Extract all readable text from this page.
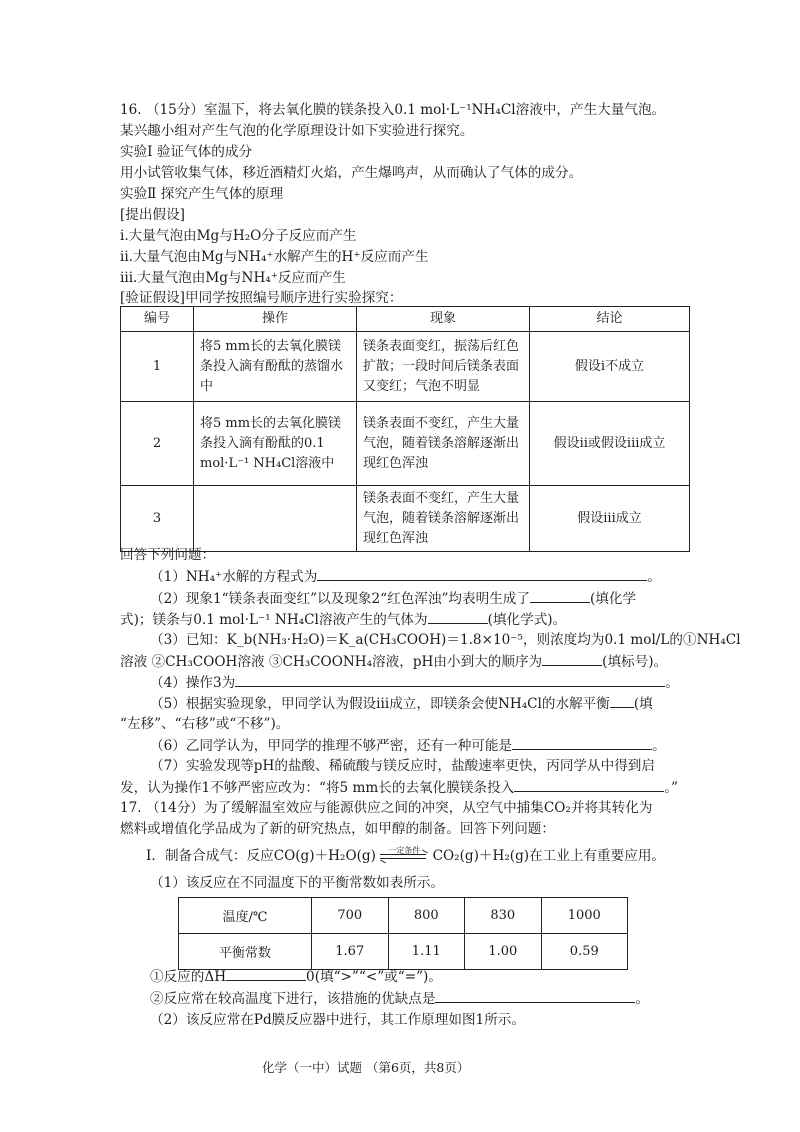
16. （15分）室温下，将去氧化膜的镁条投入0.1 mol·L⁻¹NH₄Cl溶液中，产生大量气泡。
某兴趣小组对产生气泡的化学原理设计如下实验进行探究。
实验Ⅰ 验证气体的成分
用小试管收集气体，移近酒精灯火焰，产生爆鸣声，从而确认了气体的成分。
实验Ⅱ 探究产生气体的原理
[提出假设]
i.大量气泡由Mg与H₂O分子反应而产生
ii.大量气泡由Mg与NH₄⁺水解产生的H⁺反应而产生
iii.大量气泡由Mg与NH₄⁺反应而产生
[验证假设]甲同学按照编号顺序进行实验探究：
编号	操作	现象	结论
1	将5 mm长的去氧化膜镁条投入滴有酚酞的蒸馏水中	镁条表面变红，振荡后红色扩散；一段时间后镁条表面又变红；气泡不明显	假设i不成立
2	将5 mm长的去氧化膜镁条投入滴有酚酞的0.1 mol·L⁻¹ NH₄Cl溶液中	镁条表面不变红，产生大量气泡，随着镁条溶解逐渐出现红色浑浊	假设ii或假设iii成立
3		镁条表面不变红，产生大量气泡，随着镁条溶解逐渐出现红色浑浊	假设iii成立
回答下列问题：
（1）NH₄⁺水解的方程式为	。
（2）现象1“镁条表面变红”以及现象2“红色浑浊”均表明生成了	(填化学
式)；镁条与0.1 mol·L⁻¹ NH₄Cl溶液产生的气体为	(填化学式)。
（3）已知：K_b(NH₃·H₂O)＝K_a(CH₃COOH)＝1.8×10⁻⁵，则浓度均为0.1 mol/L的①NH₄Cl
溶液 ②CH₃COOH溶液 ③CH₃COONH₄溶液，pH由小到大的顺序为	(填标号)。
（4）操作3为	。
（5）根据实验现象，甲同学认为假设iii成立，即镁条会使NH₄Cl的水解平衡 (填
“左移”、“右移”或“不移”)。
（6）乙同学认为，甲同学的推理不够严密，还有一种可能是	。
（7）实验发现等pH的盐酸、稀硫酸与镁反应时，盐酸速率更快，丙同学从中得到启
发，认为操作1不够严密应改为：“将5 mm长的去氧化膜镁条投入	。”
17. （14分）为了缓解温室效应与能源供应之间的冲突，从空气中捕集CO₂并将其转化为
燃料或增值化学品成为了新的研究热点，如甲醇的制备。回答下列问题：
I．制备合成气：反应CO(g)＋H₂O(g) 一定条件 CO₂(g)＋H₂(g)在工业上有重要应用。
（1）该反应在不同温度下的平衡常数如表所示。
温度/℃	700	800	830	1000
平衡常数	1.67	1.11	1.00	0.59
①反应的ΔH	0(填“>”“<”或“=”)。
②反应常在较高温度下进行，该措施的优缺点是	。
（2）该反应常在Pd膜反应器中进行，其工作原理如图1所示。
化学（一中）试题 （第6页，共8页）
